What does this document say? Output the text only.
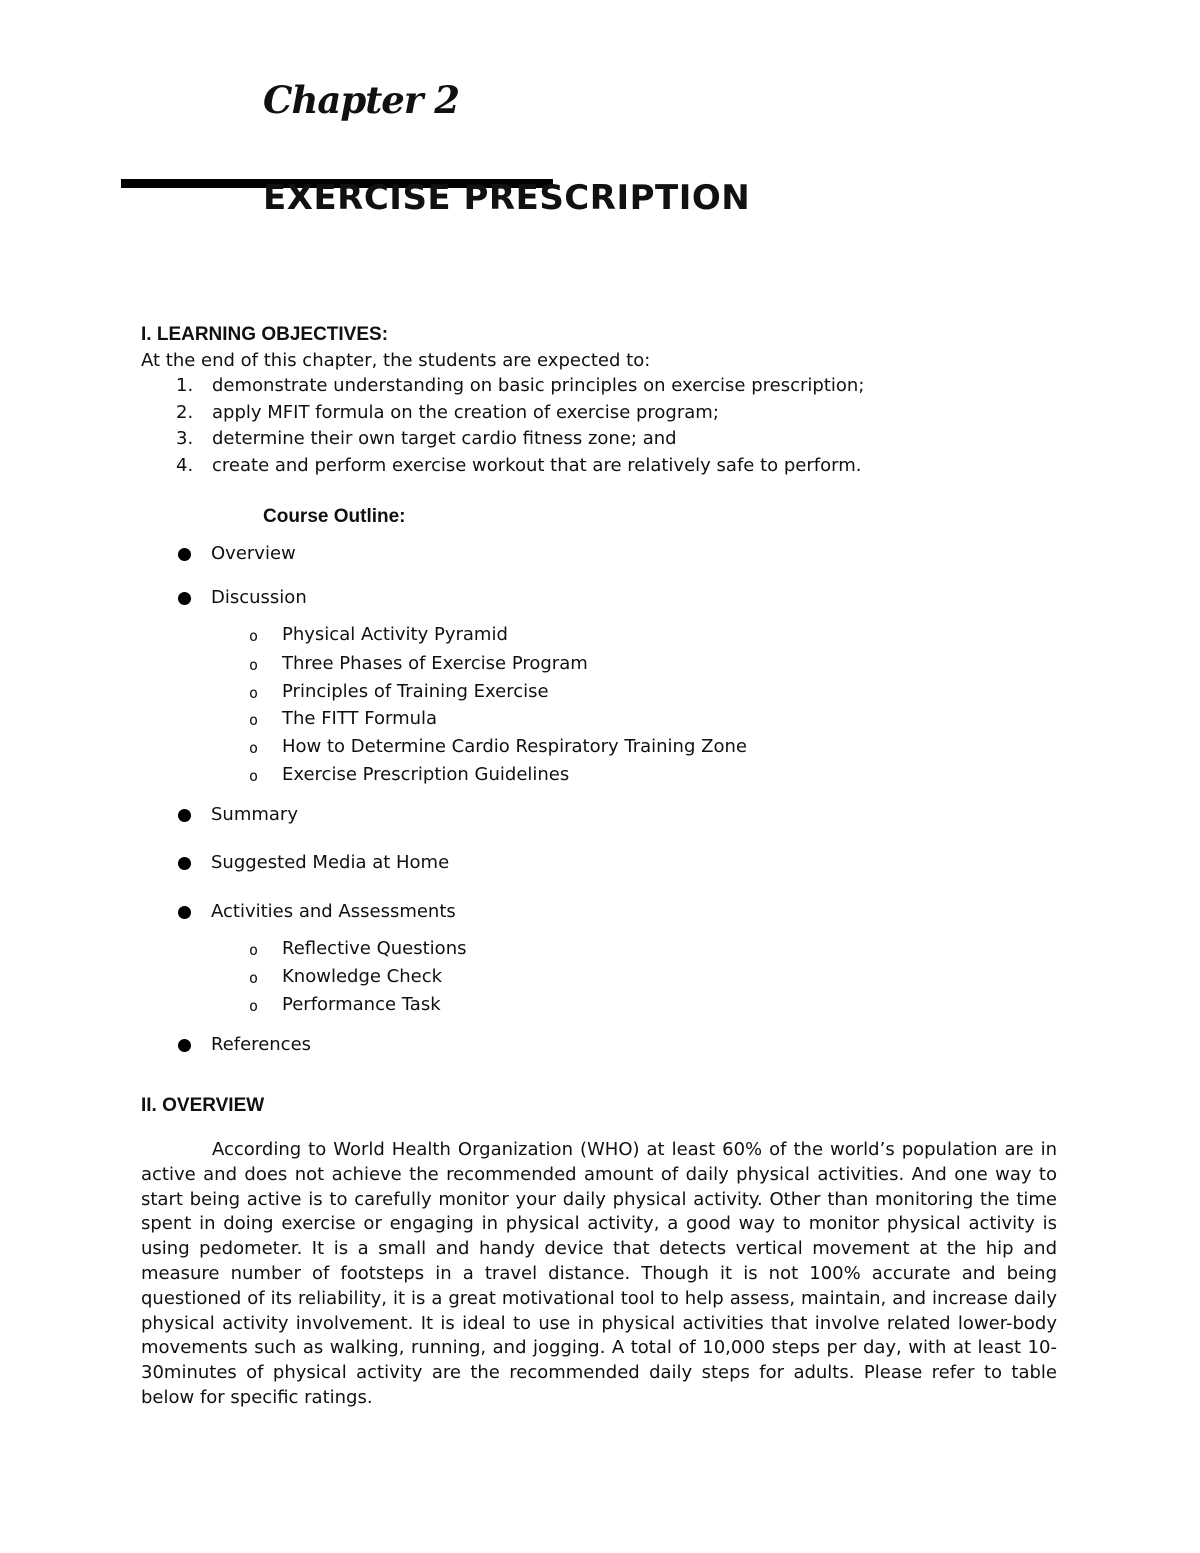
Chapter 2
EXERCISE PRESCRIPTION
I. LEARNING OBJECTIVES:

At the end of this chapter, the students are expected to:

1. demonstrate understanding on basic principles on exercise prescription;
2. apply MFIT formula on the creation of exercise program;
3. determine their own target cardio fitness zone; and
4. create and perform exercise workout that are relatively safe to perform.
Course Outline:
Overview
Discussion
o Physical Activity Pyramid
o Three Phases of Exercise Program
o Principles of Training Exercise
o The FITT Formula
o How to Determine Cardio Respiratory Training Zone
o Exercise Prescription Guidelines
Summary
Suggested Media at Home
Activities and Assessments
o Reflective Questions
o Knowledge Check
o Performance Task
References
II. OVERVIEW

According to World Health Organization (WHO) at least 60% of the world’s population are in active and does not achieve the recommended amount of daily physical activities. And one way to start being active is to carefully monitor your daily physical activity. Other than monitoring the time spent in doing exercise or engaging in physical activity, a good way to monitor physical activity is using pedometer. It is a small and handy device that detects vertical movement at the hip and measure number of footsteps in a travel distance. Though it is not 100% accurate and being questioned of its reliability, it is a great motivational tool to help assess, maintain, and increase daily physical activity involvement. It is ideal to use in physical activities that involve related lower-body movements such as walking, running, and jogging. A total of 10,000 steps per day, with at least 10-30minutes of physical activity are the recommended daily steps for adults. Please refer to table below for specific ratings.
